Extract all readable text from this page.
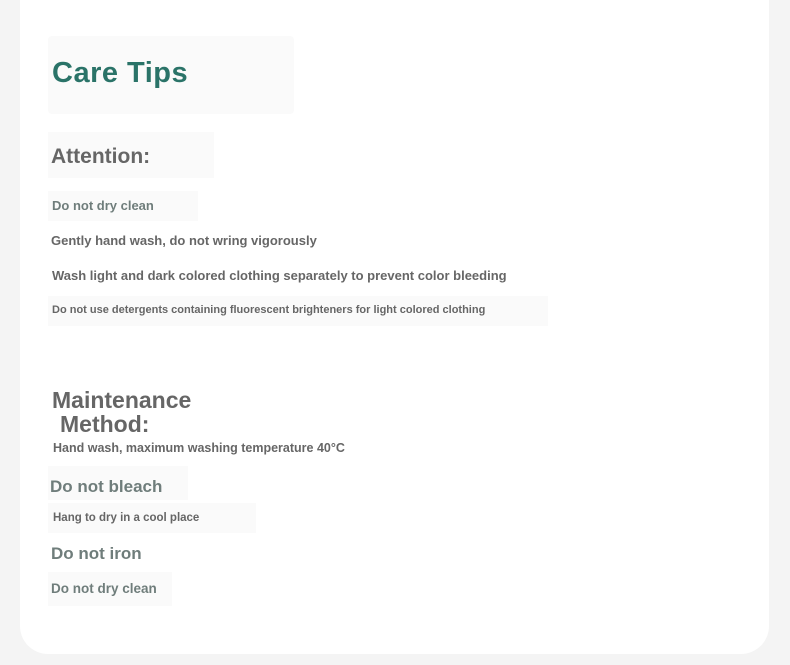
Care Tips
Attention:

Do not dry clean

Gently hand wash, do not wring vigorously

Wash light and dark colored clothing separately to prevent color bleeding

Do not use detergents containing fluorescent brighteners for light colored clothing

Maintenance
Method:

Hand wash, maximum washing temperature 40°C

Do not bleach

Hang to dry in a cool place

Do not iron

Do not dry clean
